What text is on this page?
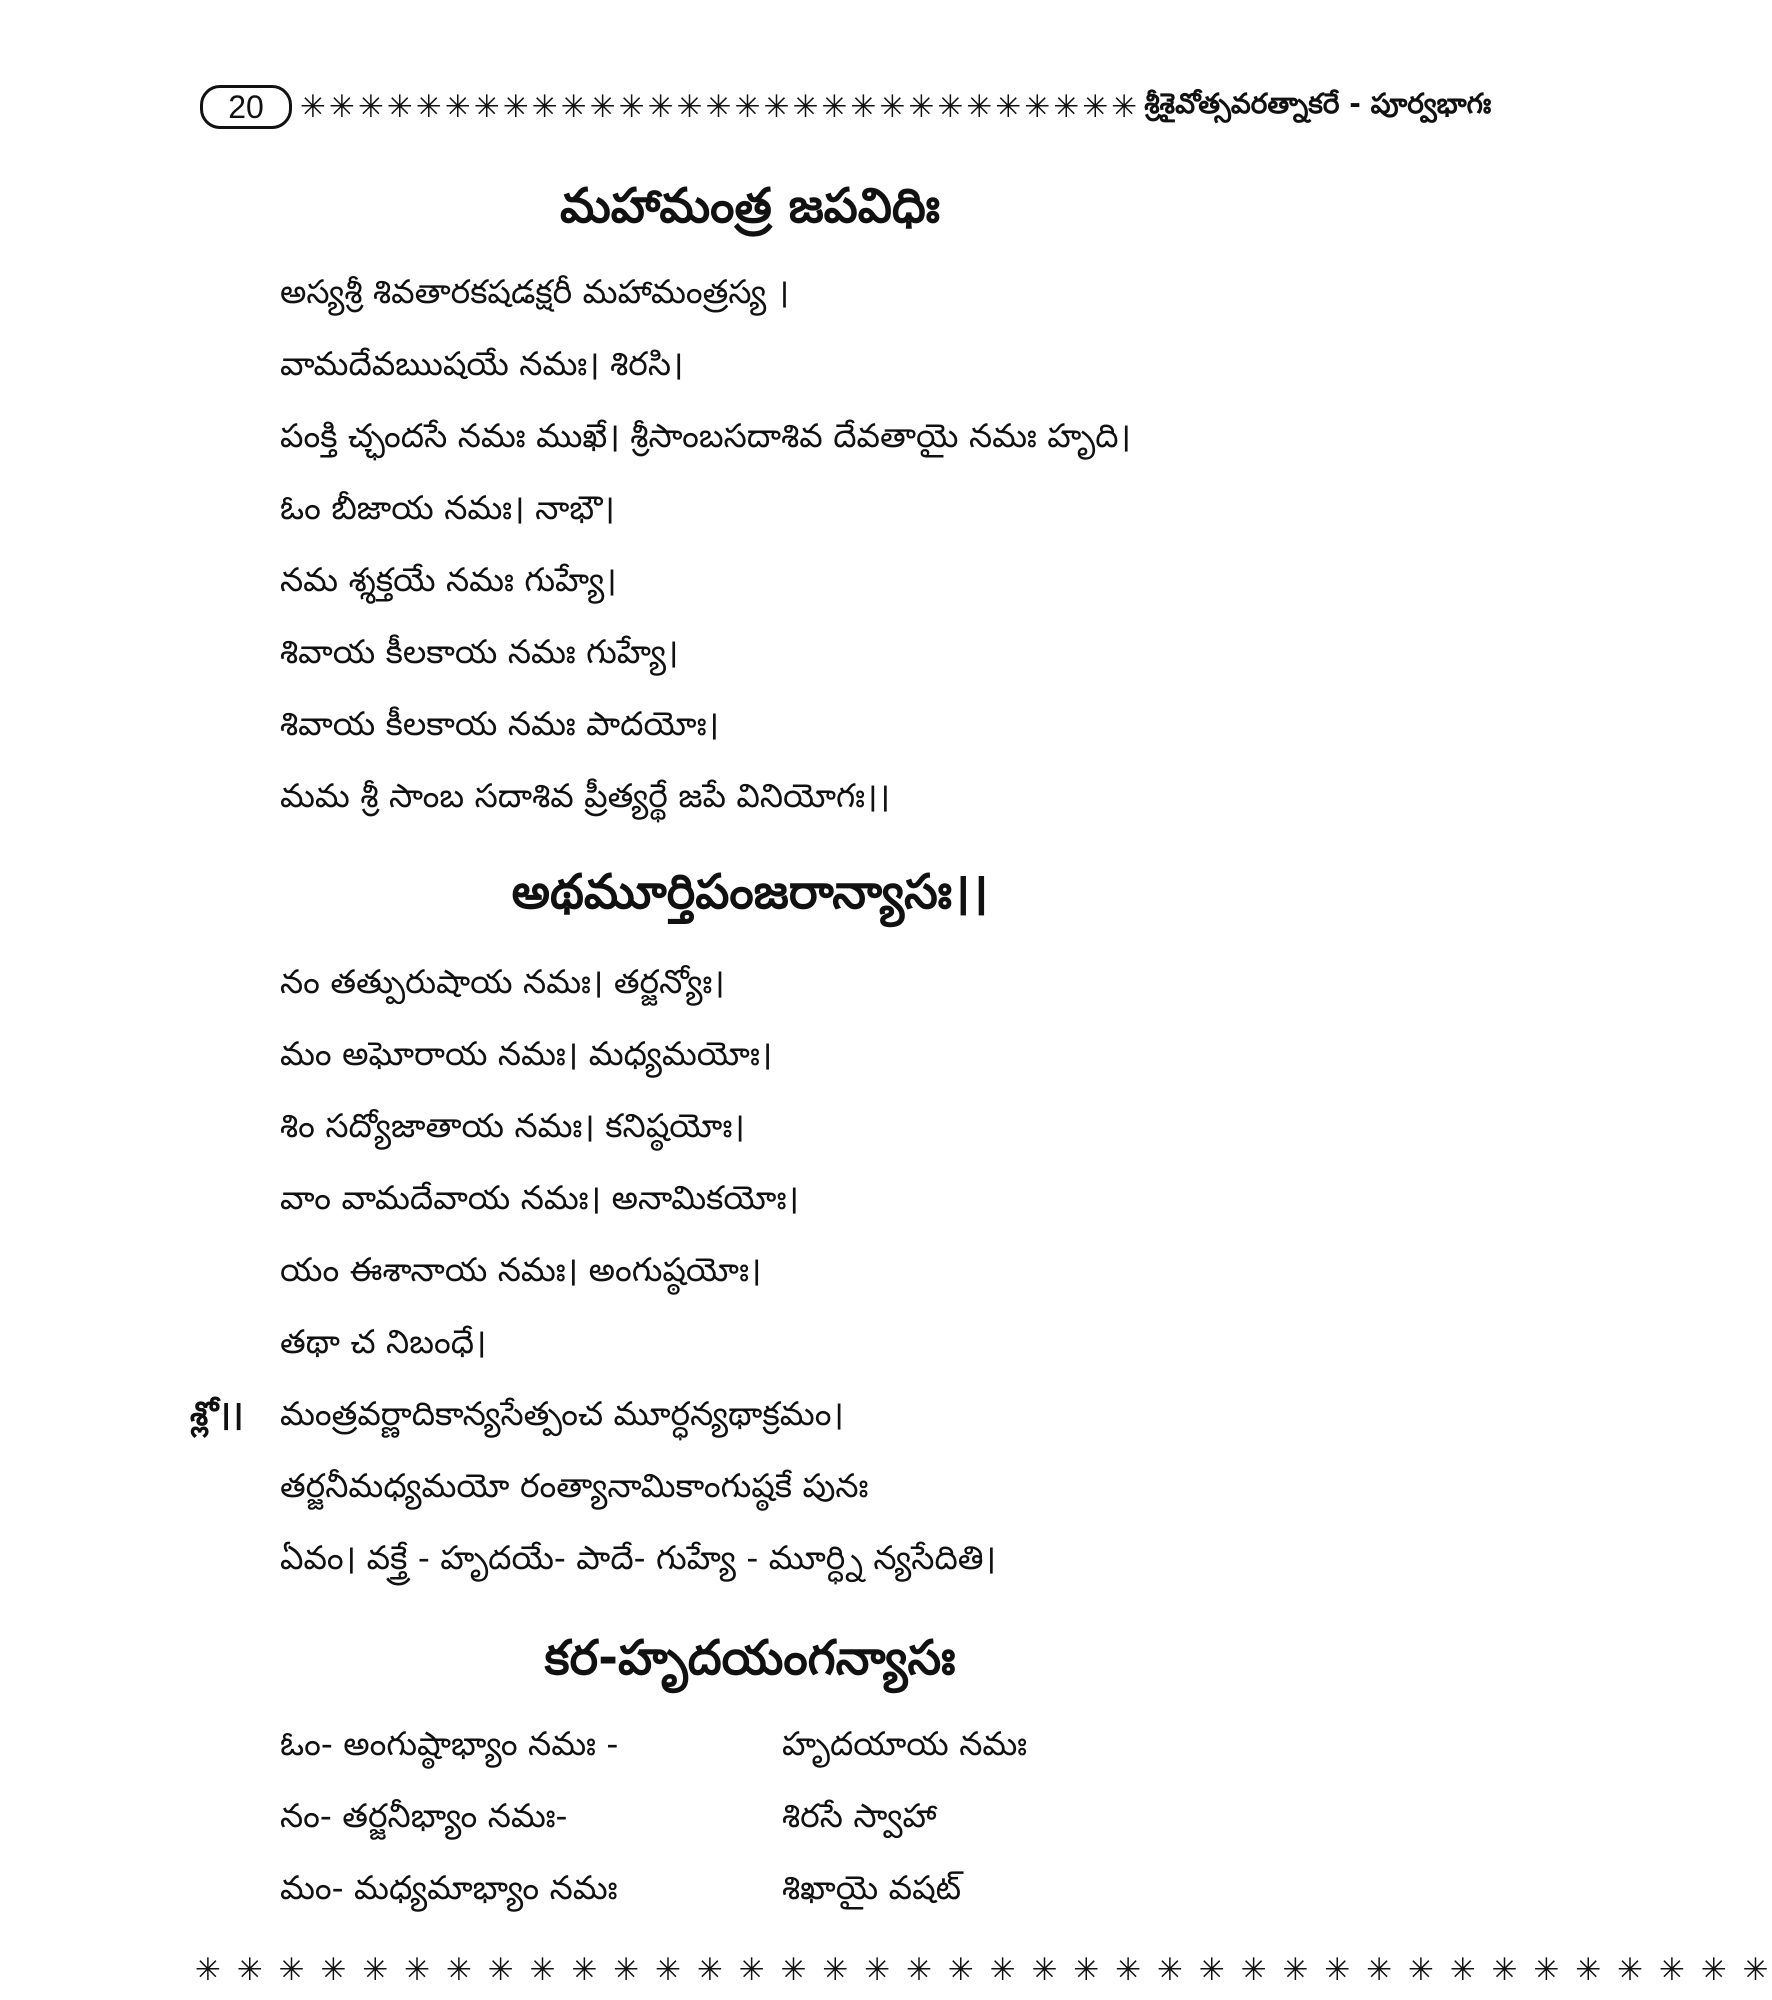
20	✳✳✳✳✳✳✳✳✳✳✳✳✳✳✳✳✳✳✳✳✳✳✳✳✳✳✳✳✳ శ్రీశైవోత్సవరత్నాకరే - పూర్వభాగః
మహామంత్ర జపవిధిః
అస్యశ్రీ శివతారకషడక్షరీ మహామంత్రస్య ।
వామదేవఋషయే నమః। శిరసి।
పంక్తి చ్ఛందసే నమః ముఖే। శ్రీసాంబసదాశివ దేవతాయై నమః హృది।
ఓం బీజాయ నమః। నాభౌ।
నమ శ్శక్తయే నమః గుహ్యే।
శివాయ కీలకాయ నమః గుహ్యే।
శివాయ కీలకాయ నమః పాదయోః।
మమ శ్రీ సాంబ సదాశివ ప్రీత్యర్థే జపే వినియోగః।।
అథమూర్తిపంజరాన్యాసః।।
నం తత్పురుషాయ నమః। తర్జన్యోః।
మం అఘోరాయ నమః। మధ్యమయోః।
శిం సద్యోజాతాయ నమః। కనిష్ఠయోః।
వాం వామదేవాయ నమః। అనామికయోః।
యం ఈశానాయ నమః। అంగుష్ఠయోః।
తథా చ నిబంధే।
శ్లో।। మంత్రవర్ణాదికాన్యసేత్పంచ మూర్ధన్యథాక్రమం।
తర్జనీమధ్యమయో రంత్యానామికాంగుష్ఠకే పునః
ఏవం। వక్త్రే - హృదయే- పాదే- గుహ్యే - మూర్ధ్ని న్యసేదితి।
కర-హృదయంగన్యాసః
ఓం- అంగుష్ఠాభ్యాం నమః -	హృదయాయ నమః
నం- తర్జనీభ్యాం నమః-	శిరసే స్వాహా
మం- మధ్యమాభ్యాం నమః	శిఖాయై వషట్
✳ ✳ ✳ ✳ ✳ ✳ ✳ ✳ ✳ ✳ ✳ ✳ ✳ ✳ ✳ ✳ ✳ ✳ ✳ ✳ ✳ ✳ ✳ ✳ ✳ ✳ ✳ ✳ ✳ ✳ ✳ ✳ ✳ ✳ ✳ ✳ ✳ ✳
